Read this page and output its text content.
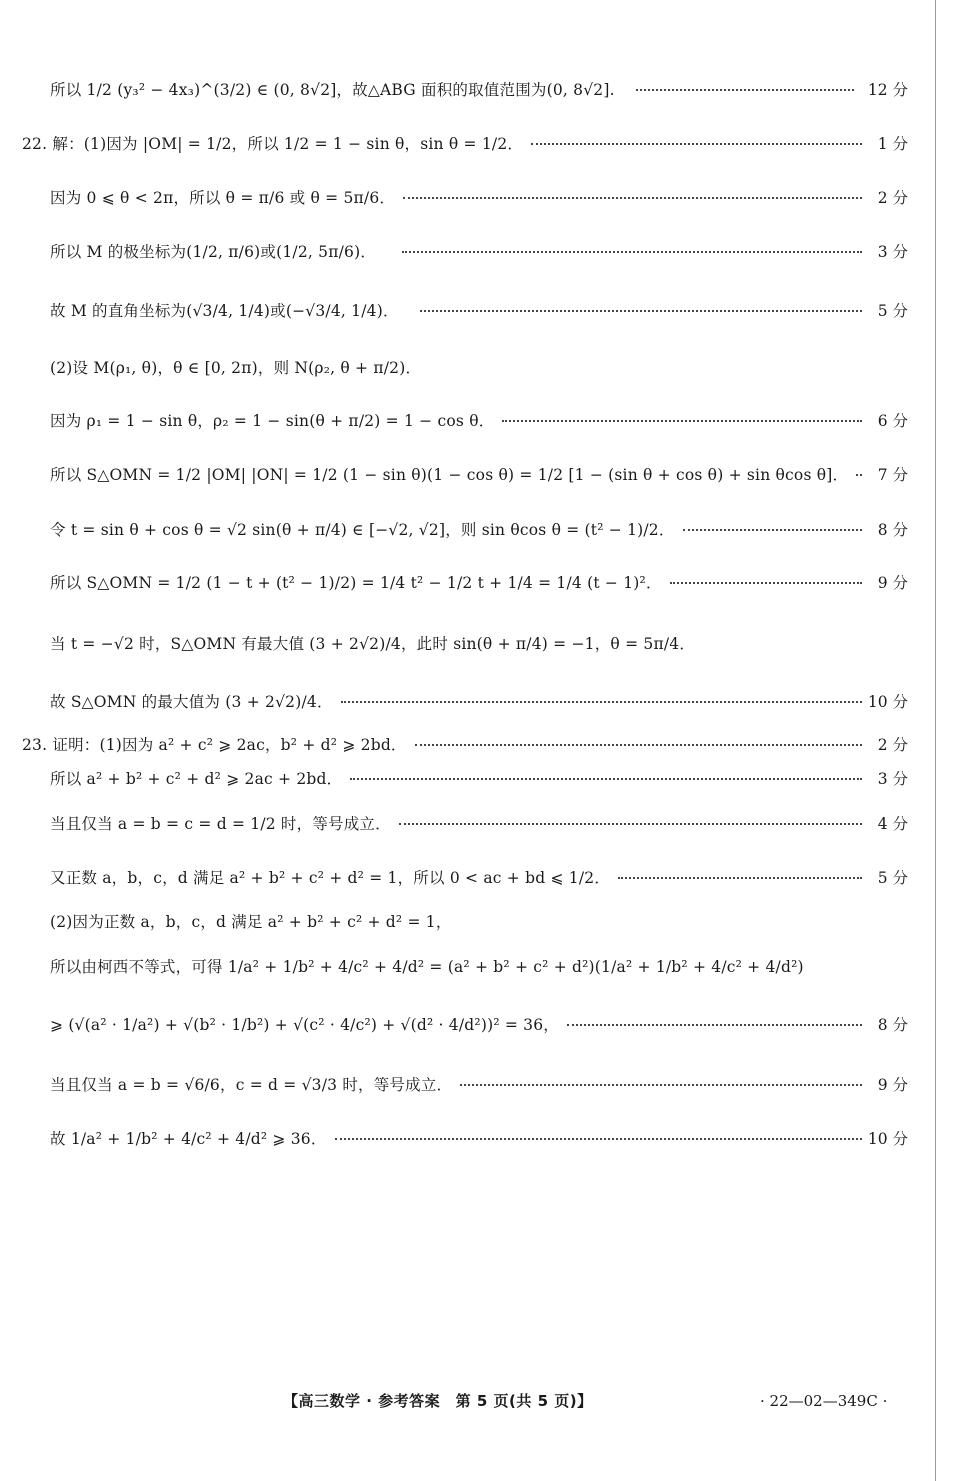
所以 1/2 (y₃² − 4x₃)^(3/2) ∈ (0, 8√2]，故△ABG 面积的取值范围为(0, 8√2].	12 分
22. 解：(1)因为 |OM| = 1/2，所以 1/2 = 1 − sin θ，sin θ = 1/2．	1 分
因为 0 ⩽ θ < 2π，所以 θ = π/6 或 θ = 5π/6．	2 分
所以 M 的极坐标为(1/2, π/6)或(1/2, 5π/6)．	3 分
故 M 的直角坐标为(√3/4, 1/4)或(−√3/4, 1/4)．	5 分
(2)设 M(ρ₁, θ)，θ ∈ [0, 2π)，则 N(ρ₂, θ + π/2)．
因为 ρ₁ = 1 − sin θ，ρ₂ = 1 − sin(θ + π/2) = 1 − cos θ．	6 分
所以 S△OMN = 1/2 |OM| |ON| = 1/2 (1 − sin θ)(1 − cos θ) = 1/2 [1 − (sin θ + cos θ) + sin θcos θ]． 7 分
令 t = sin θ + cos θ = √2 sin(θ + π/4) ∈ [−√2, √2]，则 sin θcos θ = (t² − 1)/2．	8 分
所以 S△OMN = 1/2 (1 − t + (t² − 1)/2) = 1/4 t² − 1/2 t + 1/4 = 1/4 (t − 1)²．	9 分
当 t = −√2 时，S△OMN 有最大值 (3 + 2√2)/4，此时 sin(θ + π/4) = −1，θ = 5π/4．
故 S△OMN 的最大值为 (3 + 2√2)/4．	10 分
23. 证明：(1)因为 a² + c² ⩾ 2ac，b² + d² ⩾ 2bd．	2 分
所以 a² + b² + c² + d² ⩾ 2ac + 2bd．	3 分
当且仅当 a = b = c = d = 1/2 时，等号成立．	4 分
又正数 a，b，c，d 满足 a² + b² + c² + d² = 1，所以 0 < ac + bd ⩽ 1/2．	5 分
(2)因为正数 a，b，c，d 满足 a² + b² + c² + d² = 1，
所以由柯西不等式，可得 1/a² + 1/b² + 4/c² + 4/d² = (a² + b² + c² + d²)(1/a² + 1/b² + 4/c² + 4/d²)
⩾ (√(a² · 1/a²) + √(b² · 1/b²) + √(c² · 4/c²) + √(d² · 4/d²))² = 36，	8 分
当且仅当 a = b = √6/6，c = d = √3/3 时，等号成立．	9 分
故 1/a² + 1/b² + 4/c² + 4/d² ⩾ 36．	10 分
【高三数学 · 参考答案　第 5 页(共 5 页)】	· 22—02—349C ·
